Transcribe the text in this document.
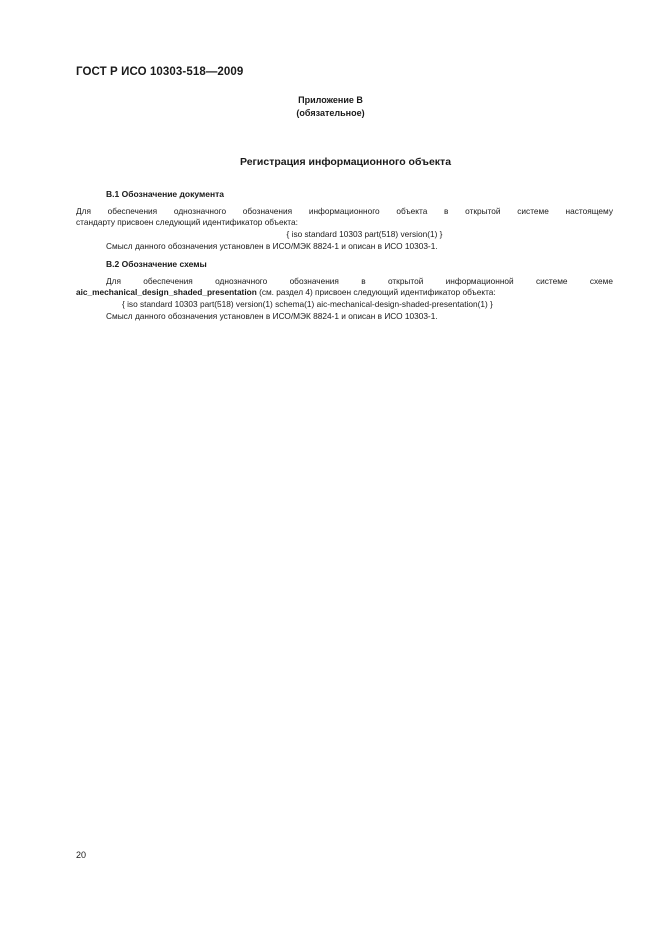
ГОСТ Р ИСО 10303-518—2009
Приложение В
(обязательное)
Регистрация информационного объекта
В.1 Обозначение документа
Для обеспечения однозначного обозначения информационного объекта в открытой системе настоящему
стандарту присвоен следующий идентификатор объекта:
{ iso standard 10303 part(518) version(1) }
Смысл данного обозначения установлен в ИСО/МЭК 8824-1 и описан в ИСО 10303-1.
В.2 Обозначение схемы
Для обеспечения однозначного обозначения в открытой информационной системе схеме
aic_mechanical_design_shaded_presentation (см. раздел 4) присвоен следующий идентификатор объекта:
{ iso standard 10303 part(518) version(1) schema(1) aic-mechanical-design-shaded-presentation(1) }
Смысл данного обозначения установлен в ИСО/МЭК 8824-1 и описан в ИСО 10303-1.
20
